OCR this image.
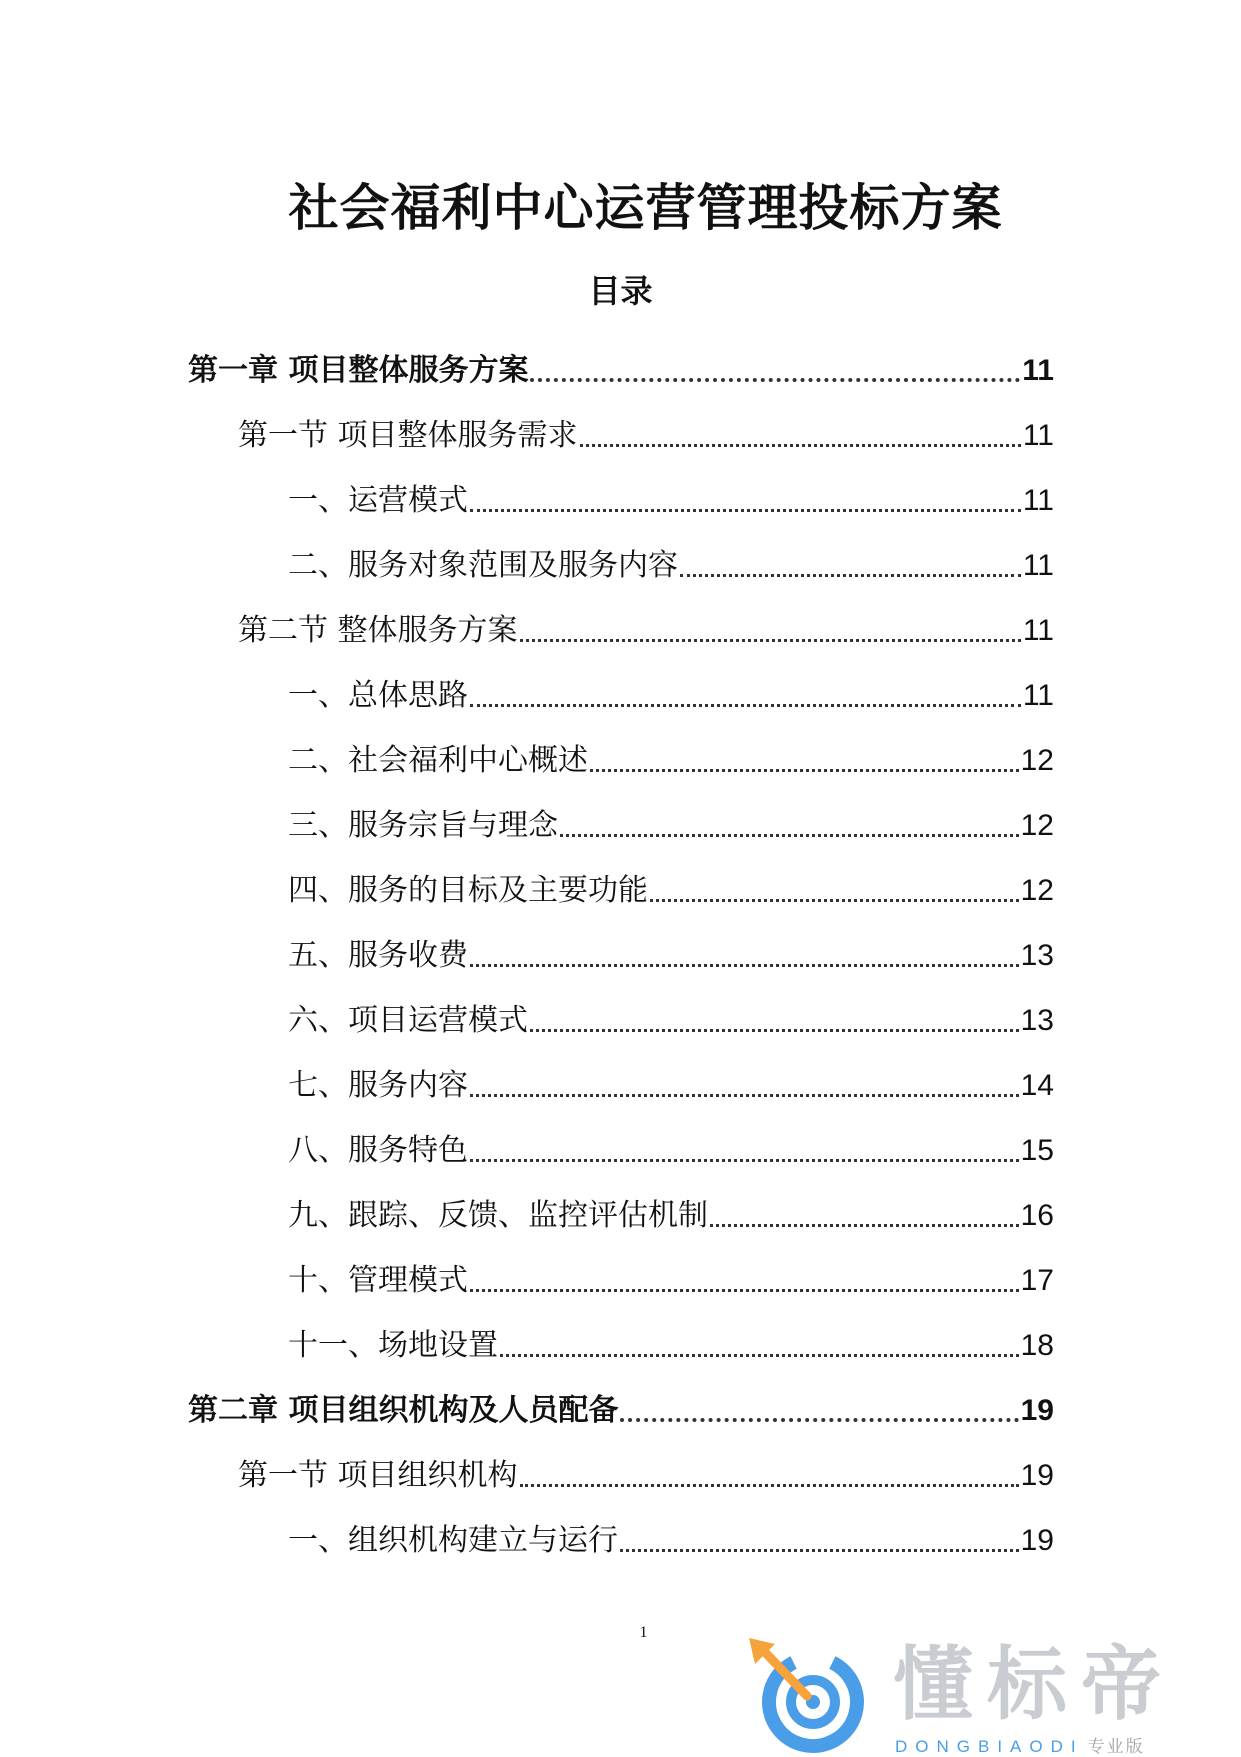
社会福利中心运营管理投标方案
目录
第一章 项目整体服务方案	11
第一节 项目整体服务需求	11
一、运营模式	11
二、服务对象范围及服务内容	11
第二节 整体服务方案	11
一、总体思路	11
二、社会福利中心概述	12
三、服务宗旨与理念	12
四、服务的目标及主要功能	12
五、服务收费	13
六、项目运营模式	13
七、服务内容	14
八、服务特色	15
九、跟踪、反馈、监控评估机制	16
十、管理模式	17
十一、场地设置	18
第二章 项目组织机构及人员配备	19
第一节 项目组织机构	19
一、组织机构建立与运行	19
1
懂标帝
DONGBIAODI 专业版
